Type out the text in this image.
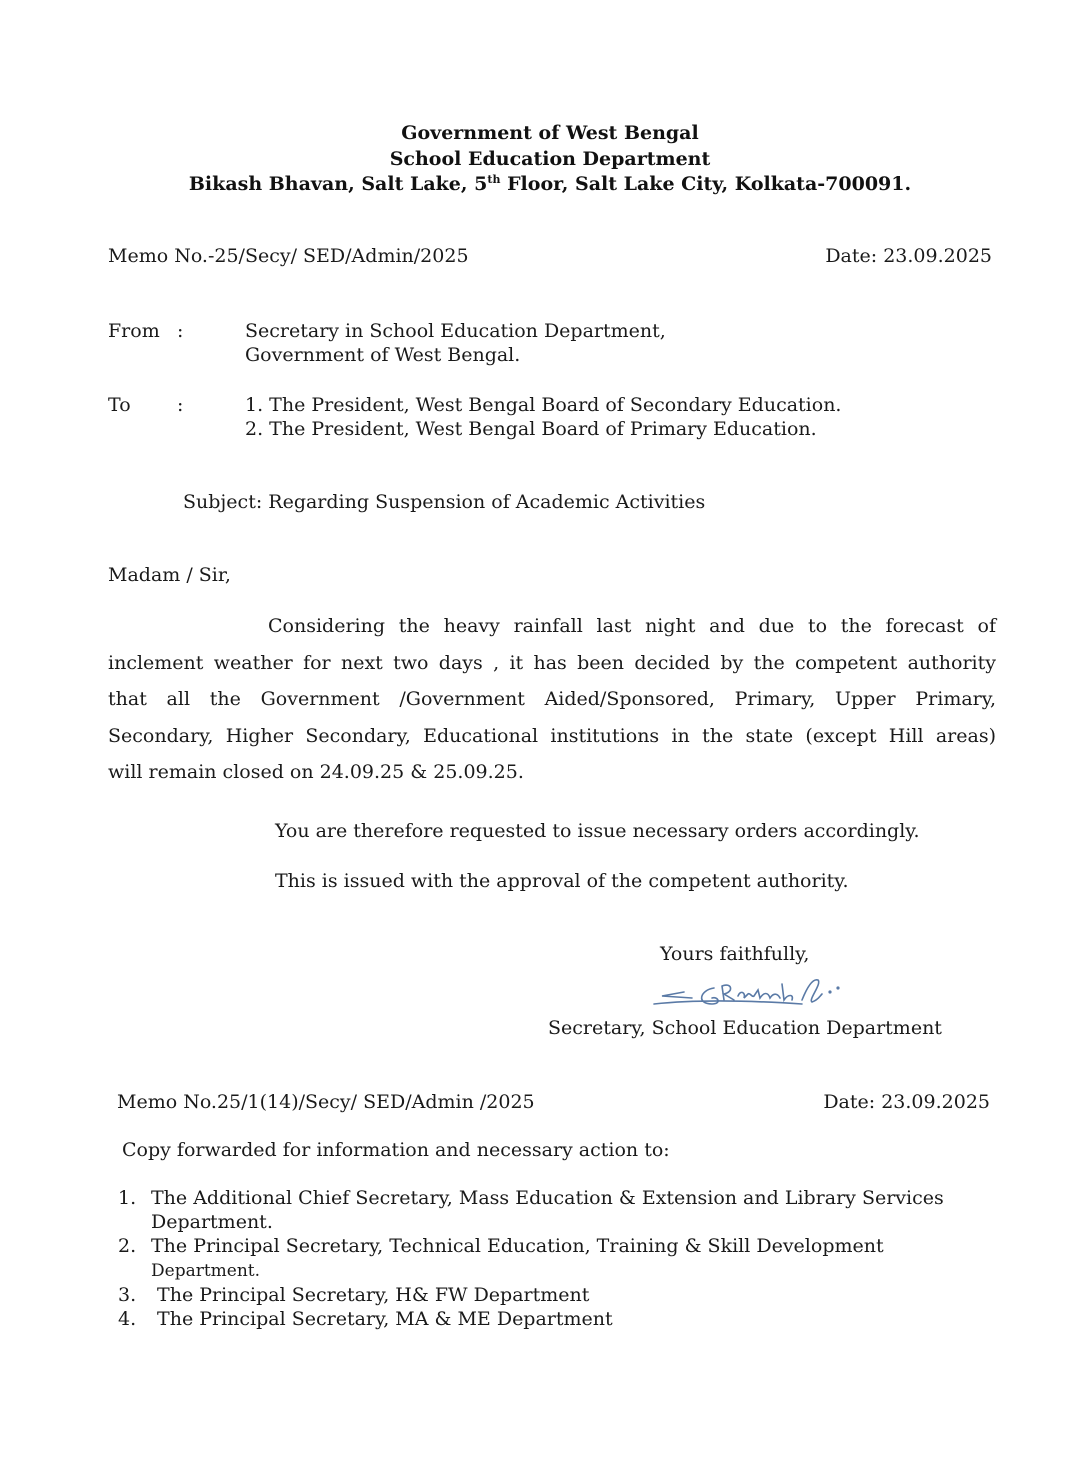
Government of West Bengal
School Education Department
Bikash Bhavan, Salt Lake, 5th Floor, Salt Lake City, Kolkata-700091.
Memo No.-25/Secy/ SED/Admin/2025	Date: 23.09.2025
From :	Secretary in School Education Department,
Government of West Bengal.
To :	1. The President, West Bengal Board of Secondary Education.
2. The President, West Bengal Board of Primary Education.
Subject: Regarding Suspension of Academic Activities
Madam / Sir,
Considering the heavy rainfall last night and due to the forecast of
inclement weather for next two days , it has been decided by the competent authority
that all the Government /Government Aided/Sponsored, Primary, Upper Primary,
Secondary, Higher Secondary, Educational institutions in the state (except Hill areas)
will remain closed on 24.09.25 & 25.09.25.
You are therefore requested to issue necessary orders accordingly.
This is issued with the approval of the competent authority.
Yours faithfully,
Secretary, School Education Department
Memo No.25/1(14)/Secy/ SED/Admin /2025	Date: 23.09.2025
Copy forwarded for information and necessary action to:
1. The Additional Chief Secretary, Mass Education & Extension and Library Services
Department.
2. The Principal Secretary, Technical Education, Training & Skill Development
Department.
3. The Principal Secretary, H& FW Department
4. The Principal Secretary, MA & ME Department
